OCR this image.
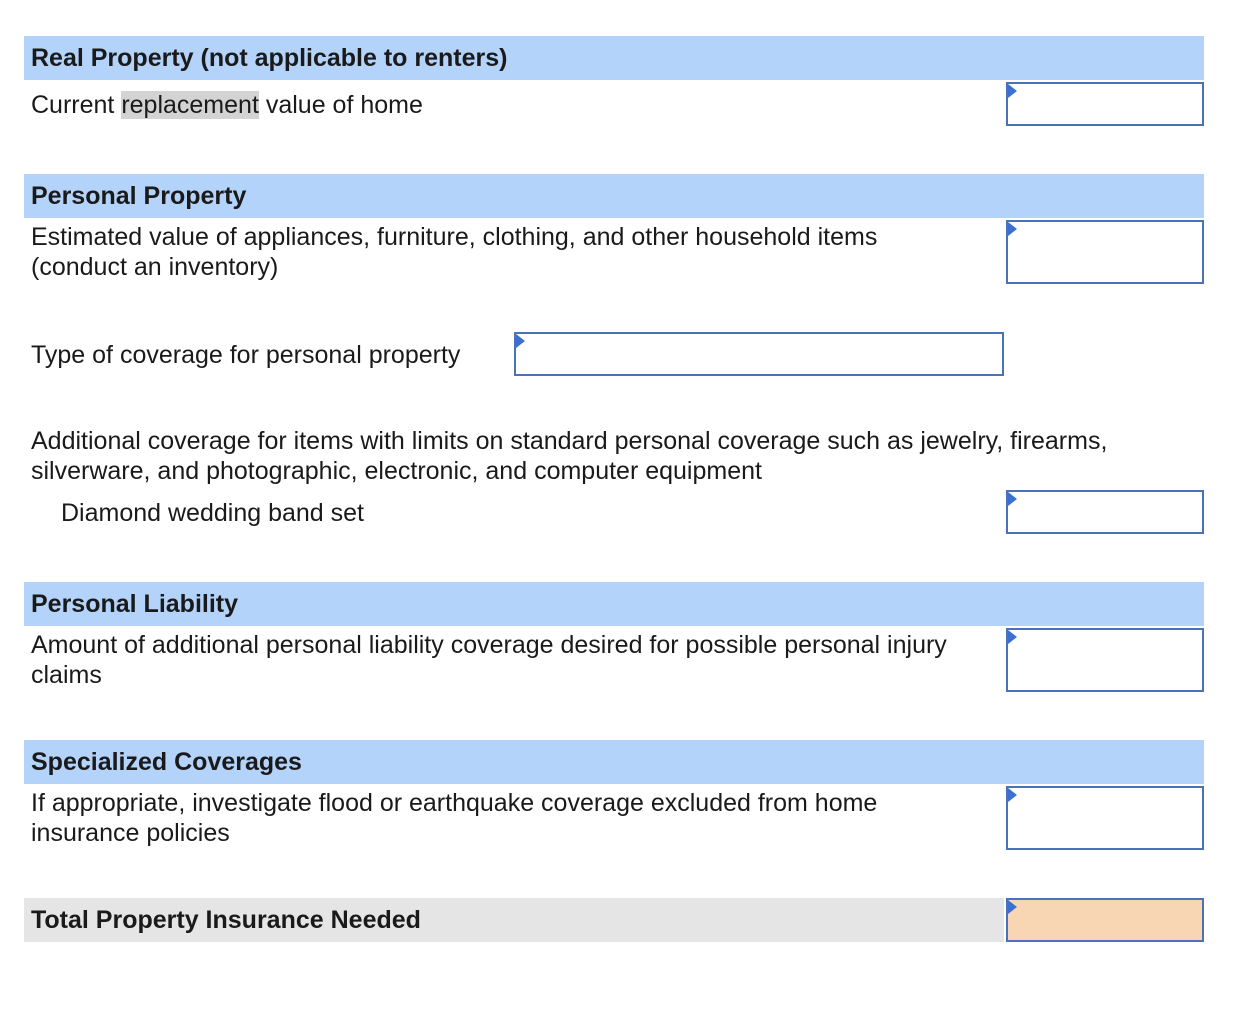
Real Property (not applicable to renters)
Current replacement value of home
Personal Property
Estimated value of appliances, furniture, clothing, and other household items
(conduct an inventory)
Type of coverage for personal property
Additional coverage for items with limits on standard personal coverage such as jewelry, firearms,
silverware, and photographic, electronic, and computer equipment
Diamond wedding band set
Personal Liability
Amount of additional personal liability coverage desired for possible personal injury
claims
Specialized Coverages
If appropriate, investigate flood or earthquake coverage excluded from home
insurance policies
Total Property Insurance Needed
